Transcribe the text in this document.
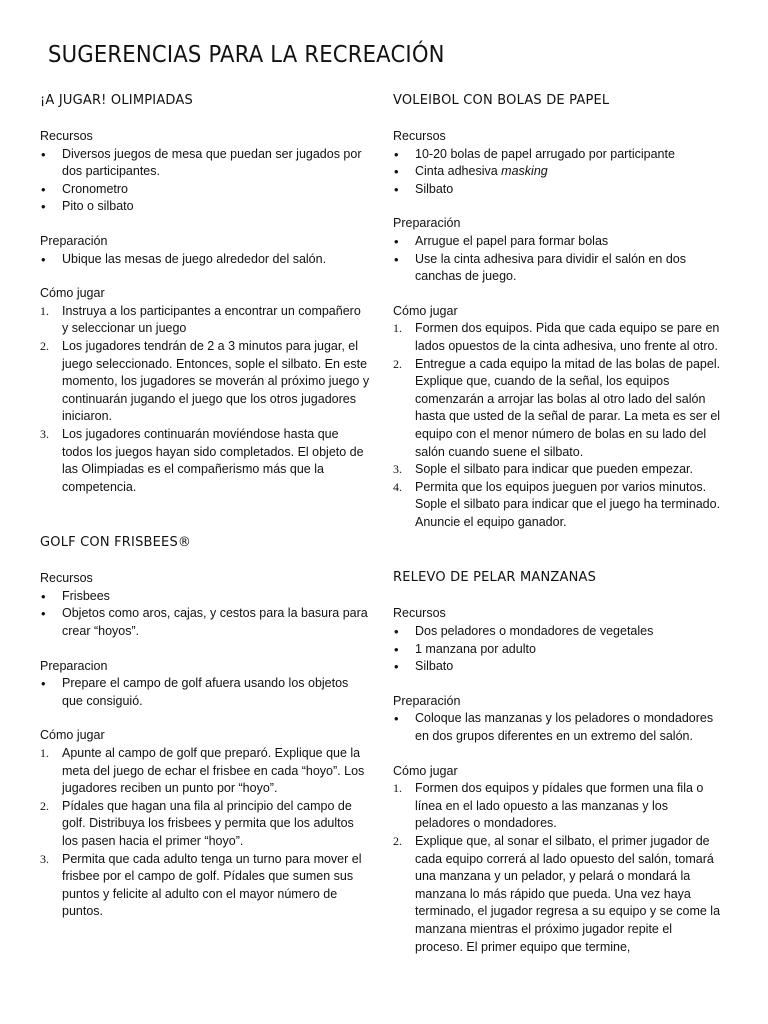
SUGERENCIAS PARA LA RECREACIÓN
¡A JUGAR! OLIMPIADAS
Recursos
• Diversos juegos de mesa que puedan ser jugados por dos participantes.
• Cronometro
• Pito o silbato
Preparación
• Ubique las mesas de juego alrededor del salón.
Cómo jugar
1. Instruya a los participantes a encontrar un compañero y seleccionar un juego
2. Los jugadores tendrán de 2 a 3 minutos para jugar, el juego seleccionado. Entonces, sople el silbato. En este momento, los jugadores se moverán al próximo juego y continuarán jugando el juego que los otros jugadores iniciaron.
3. Los jugadores continuarán moviéndose hasta que todos los juegos hayan sido completados. El objeto de las Olimpiadas es el compañerismo más que la competencia.
GOLF CON FRISBEES®
Recursos
• Frisbees
• Objetos como aros, cajas, y cestos para la basura para crear “hoyos”.
Preparacion
• Prepare el campo de golf afuera usando los objetos que consiguió.
Cómo jugar
1. Apunte al campo de golf que preparó. Explique que la meta del juego de echar el frisbee en cada “hoyo”. Los jugadores reciben un punto por “hoyo”.
2. Pídales que hagan una fila al principio del campo de golf. Distribuya los frisbees y permita que los adultos los pasen hacia el primer “hoyo”.
3. Permita que cada adulto tenga un turno para mover el frisbee por el campo de golf. Pídales que sumen sus puntos y felicite al adulto con el mayor número de puntos.
VOLEIBOL CON BOLAS DE PAPEL
Recursos
• 10-20 bolas de papel arrugado por participante
• Cinta adhesiva masking
• Silbato
Preparación
• Arrugue el papel para formar bolas
• Use la cinta adhesiva para dividir el salón en dos canchas de juego.
Cómo jugar
1. Formen dos equipos. Pida que cada equipo se pare en lados opuestos de la cinta adhesiva, uno frente al otro.
2. Entregue a cada equipo la mitad de las bolas de papel. Explique que, cuando de la señal, los equipos comenzarán a arrojar las bolas al otro lado del salón hasta que usted de la señal de parar. La meta es ser el equipo con el menor número de bolas en su lado del salón cuando suene el silbato.
3. Sople el silbato para indicar que pueden empezar.
4. Permita que los equipos jueguen por varios minutos. Sople el silbato para indicar que el juego ha terminado. Anuncie el equipo ganador.
RELEVO DE PELAR MANZANAS
Recursos
• Dos peladores o mondadores de vegetales
• 1 manzana por adulto
• Silbato
Preparación
• Coloque las manzanas y los peladores o mondadores en dos grupos diferentes en un extremo del salón.
Cómo jugar
1. Formen dos equipos y pídales que formen una fila o línea en el lado opuesto a las manzanas y los peladores o mondadores.
2. Explique que, al sonar el silbato, el primer jugador de cada equipo correrá al lado opuesto del salón, tomará una manzana y un pelador, y pelará o mondará la manzana lo más rápido que pueda. Una vez haya terminado, el jugador regresa a su equipo y se come la manzana mientras el próximo jugador repite el proceso. El primer equipo que termine,
